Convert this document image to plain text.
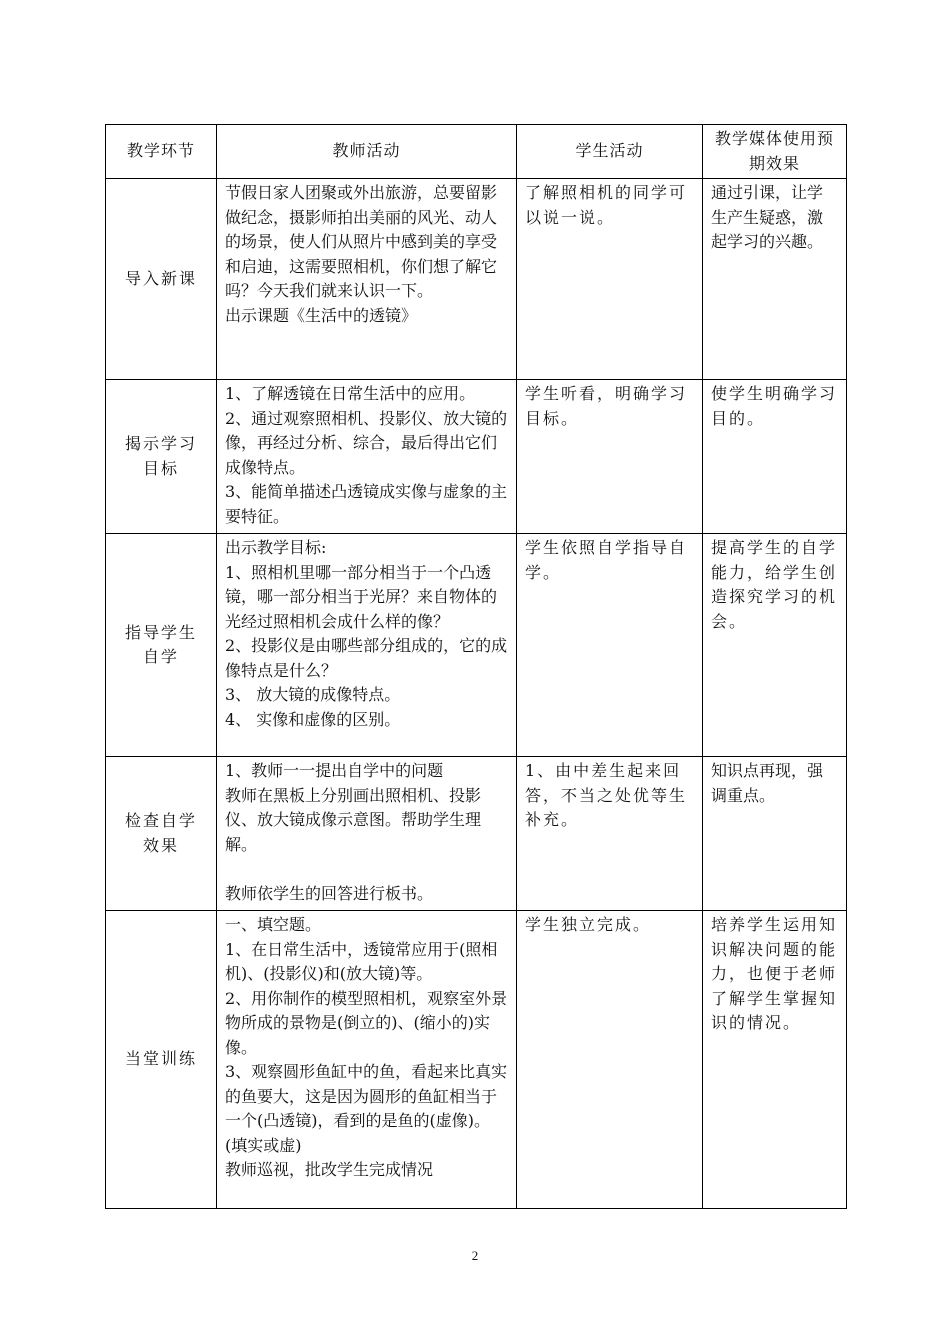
教学环节	教师活动	学生活动	教学媒体使用预期效果
导入新课	节假日家人团聚或外出旅游，总要留影做纪念，摄影师拍出美丽的风光、动人的场景，使人们从照片中感到美的享受和启迪，这需要照相机，你们想了解它吗？今天我们就来认识一下。
出示课题《生活中的透镜》	了解照相机的同学可以说一说。	通过引课，让学生产生疑惑，激起学习的兴趣。

揭示学习目标	1、了解透镜在日常生活中的应用。
2、通过观察照相机、投影仪、放大镜的像，再经过分析、综合，最后得出它们成像特点。
3、能简单描述凸透镜成实像与虚象的主要特征。	学生听看，明确学习目标。	使学生明确学习目的。

指导学生自学	出示教学目标:
1、照相机里哪一部分相当于一个凸透镜，哪一部分相当于光屏？来自物体的光经过照相机会成什么样的像？
2、投影仪是由哪些部分组成的，它的成像特点是什么？
3、 放大镜的成像特点。
4、 实像和虚像的区别。	学生依照自学指导自学。	提高学生的自学能力，给学生创造探究学习的机会。

检查自学效果	1、教师一一提出自学中的问题
教师在黑板上分别画出照相机、投影仪、放大镜成像示意图。帮助学生理解。
教师依学生的回答进行板书。	1、由中差生起来回答，不当之处优等生补充。	知识点再现，强调重点。

当堂训练	一、填空题。
1、在日常生活中，透镜常应用于(照相机)、(投影仪)和(放大镜)等。
2、用你制作的模型照相机，观察室外景物所成的景物是(倒立的)、(缩小的)实像。
3、观察圆形鱼缸中的鱼，看起来比真实的鱼要大，这是因为圆形的鱼缸相当于一个(凸透镜)，看到的是鱼的(虚像)。(填实或虚)
教师巡视，批改学生完成情况	学生独立完成。	培养学生运用知识解决问题的能力，也便于老师了解学生掌握知识的情况。
2
